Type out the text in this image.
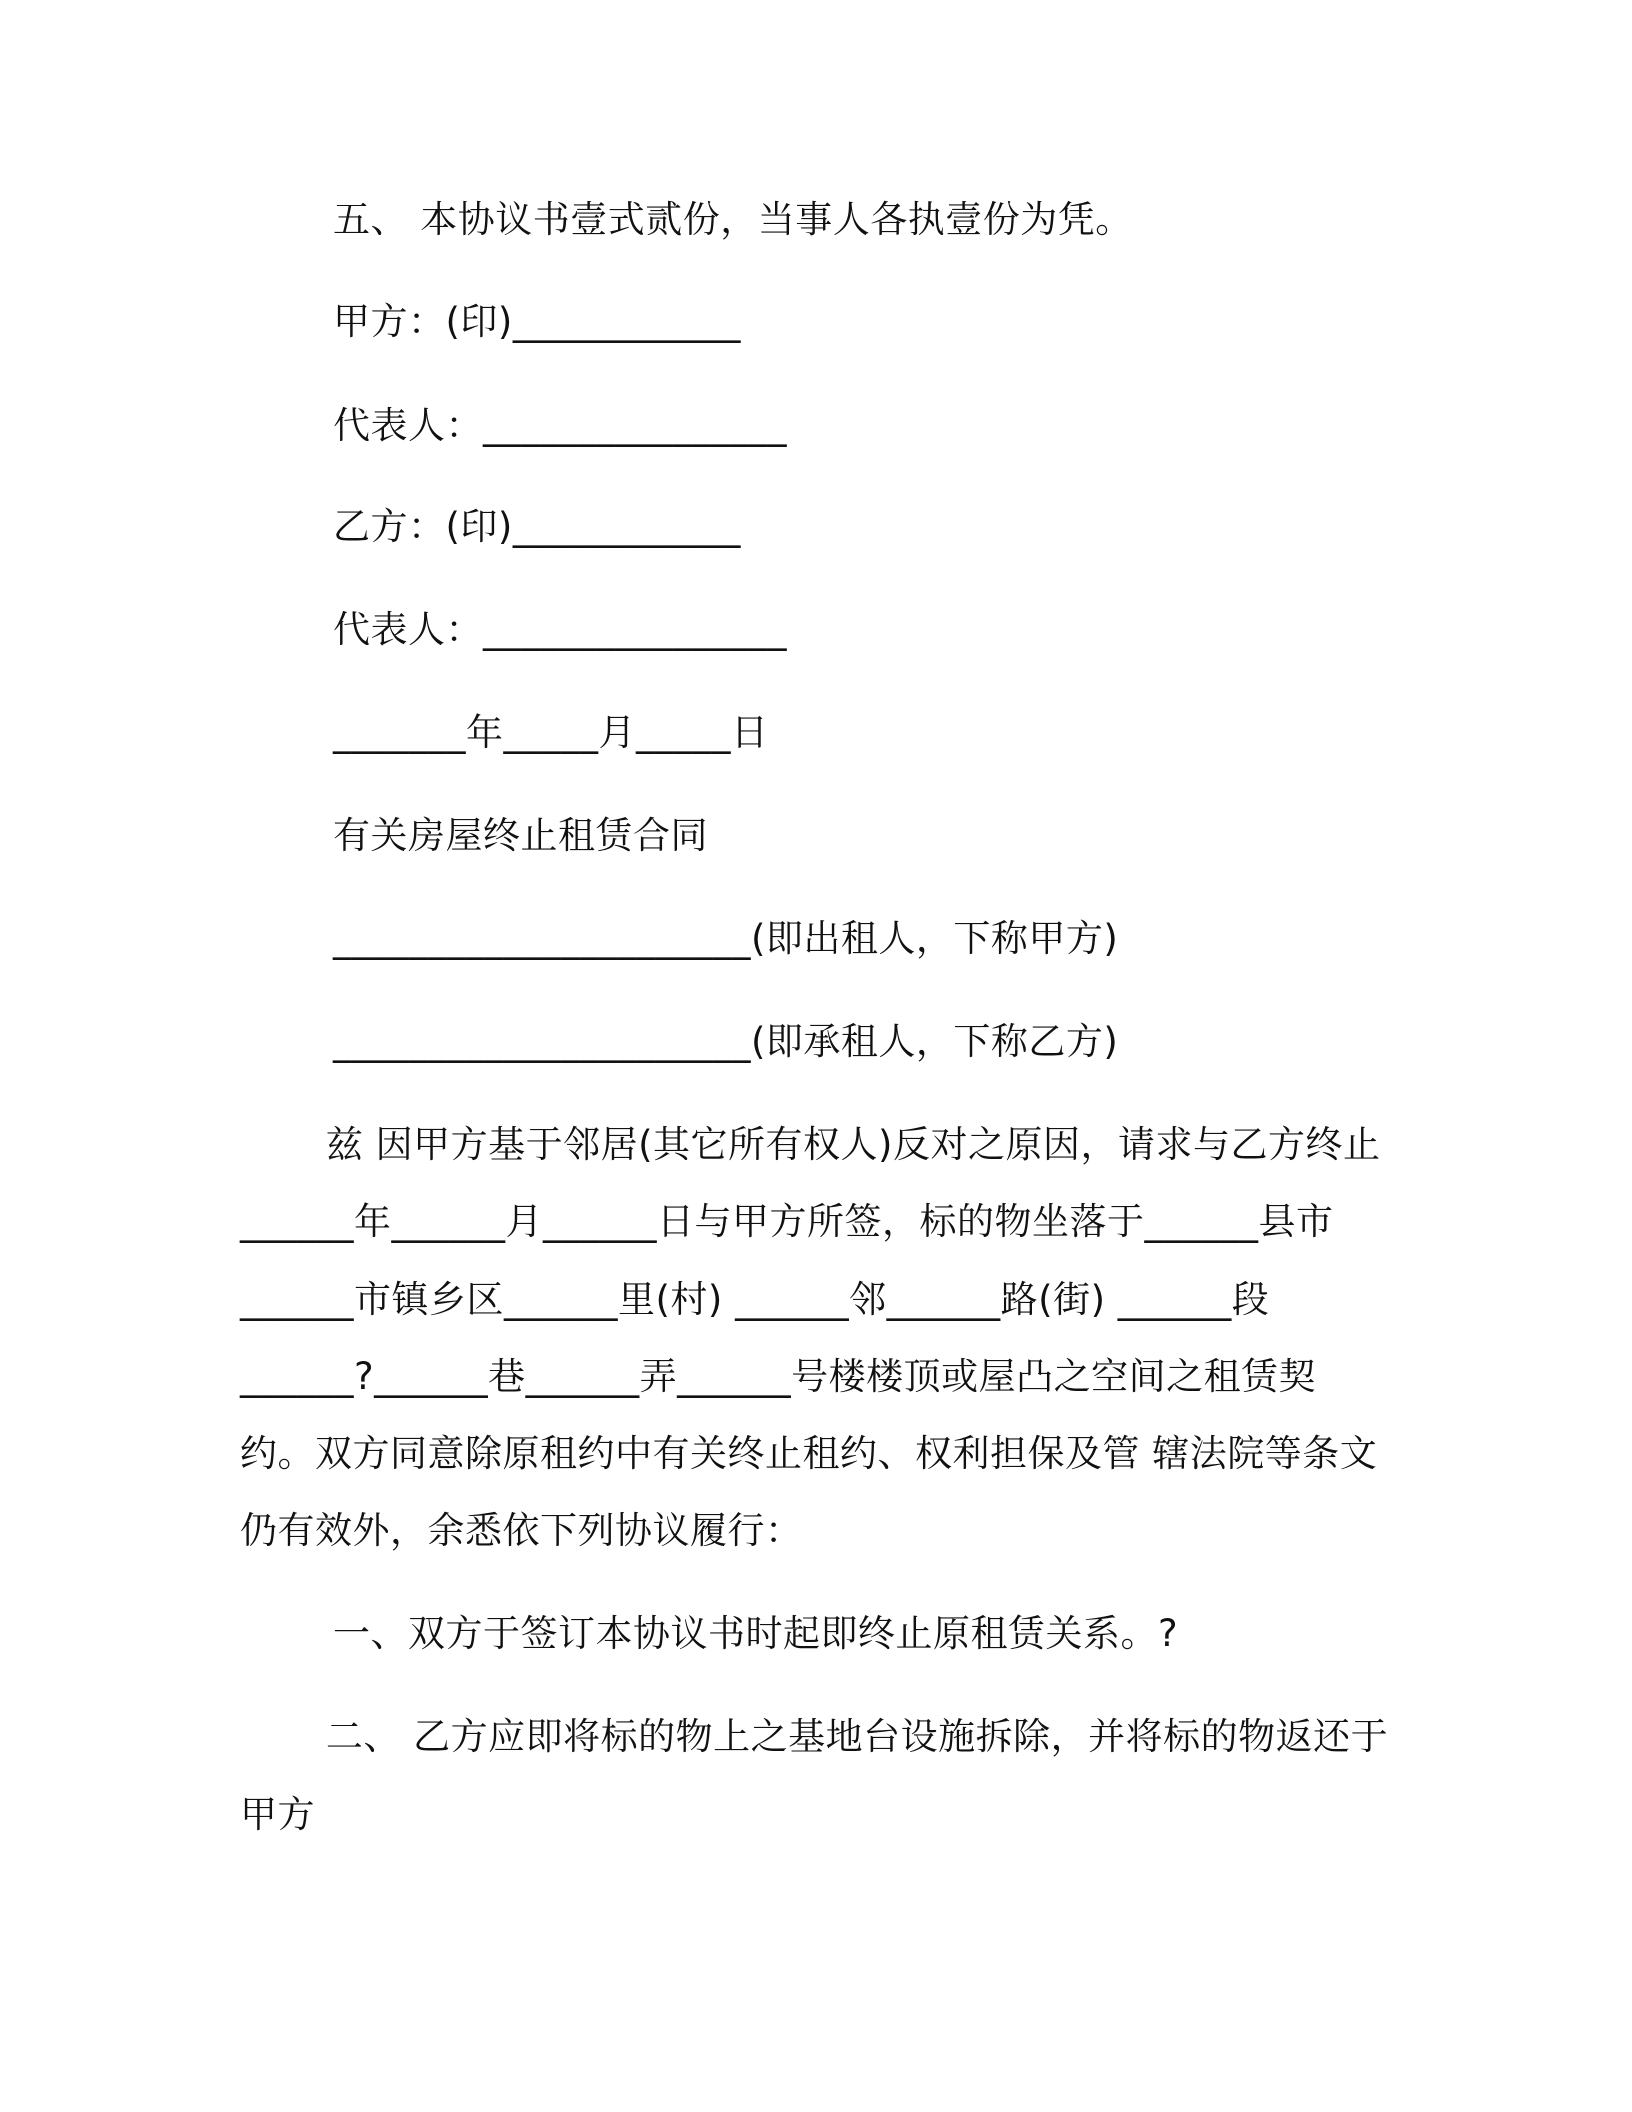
五、 本协议书壹式贰份，当事人各执壹份为凭。
甲方：(印)____________
代表人：________________
乙方：(印)____________
代表人：________________
_______年_____月_____日
有关房屋终止租赁合同
______________________(即出租人，下称甲方)
______________________(即承租人，下称乙方)
兹 因甲方基于邻居(其它所有权人)反对之原因，请求与乙方终止
______年______月______日与甲方所签，标的物坐落于______县市
______市镇乡区______里(村) ______邻______路(街) ______段
______?______巷______弄______号楼楼顶或屋凸之空间之租赁契
约。双方同意除原租约中有关终止租约、权利担保及管 辖法院等条文
仍有效外，余悉依下列协议履行：
一、双方于签订本协议书时起即终止原租赁关系。?
二、 乙方应即将标的物上之基地台设施拆除，并将标的物返还于
甲方
